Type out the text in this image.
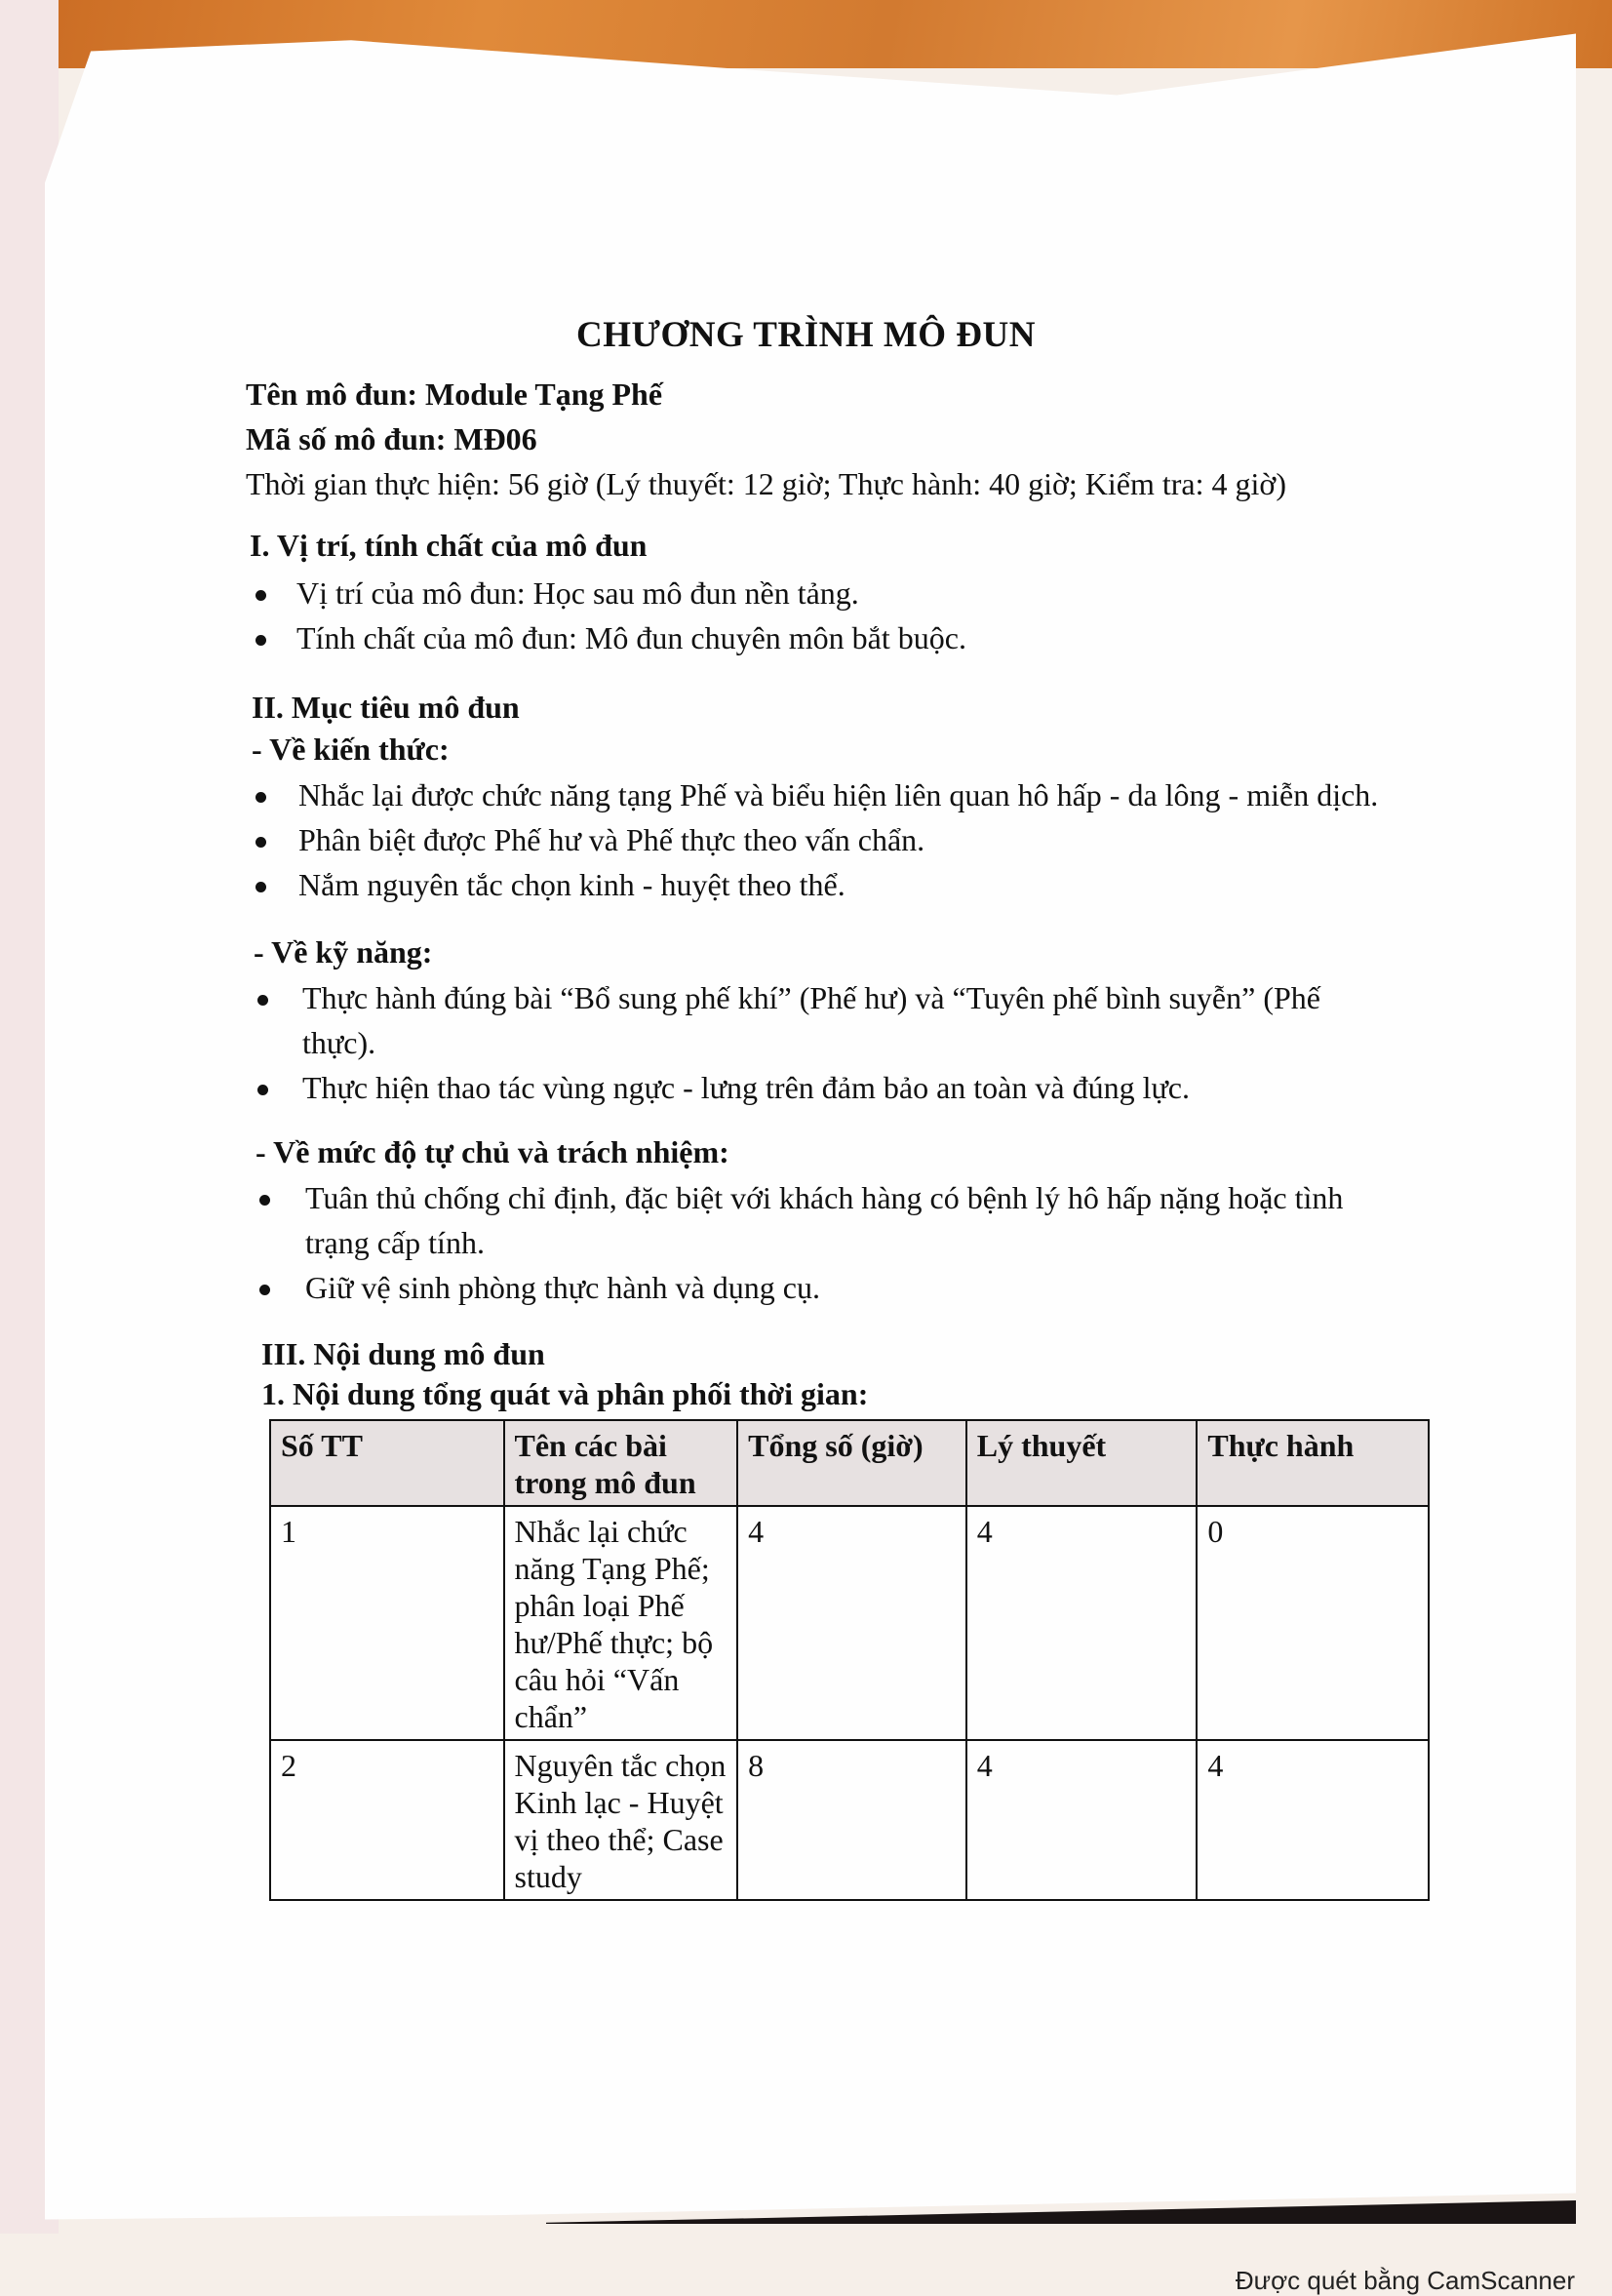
CHƯƠNG TRÌNH MÔ ĐUN
Tên mô đun: Module Tạng Phế
Mã số mô đun: MĐ06
Thời gian thực hiện: 56 giờ (Lý thuyết: 12 giờ; Thực hành: 40 giờ; Kiểm tra: 4 giờ)
I. Vị trí, tính chất của mô đun
Vị trí của mô đun: Học sau mô đun nền tảng.
Tính chất của mô đun: Mô đun chuyên môn bắt buộc.
II. Mục tiêu mô đun
- Về kiến thức:
Nhắc lại được chức năng tạng Phế và biểu hiện liên quan hô hấp - da lông - miễn dịch.
Phân biệt được Phế hư và Phế thực theo vấn chẩn.
Nắm nguyên tắc chọn kinh - huyệt theo thể.
- Về kỹ năng:
Thực hành đúng bài “Bổ sung phế khí” (Phế hư) và “Tuyên phế bình suyễn” (Phế
thực).
Thực hiện thao tác vùng ngực - lưng trên đảm bảo an toàn và đúng lực.
- Về mức độ tự chủ và trách nhiệm:
Tuân thủ chống chỉ định, đặc biệt với khách hàng có bệnh lý hô hấp nặng hoặc tình
trạng cấp tính.
Giữ vệ sinh phòng thực hành và dụng cụ.
III. Nội dung mô đun
1. Nội dung tổng quát và phân phối thời gian:
Số TT	Tên các bài trong mô đun	Tổng số (giờ)	Lý thuyết	Thực hành
1	Nhắc lại chức năng Tạng Phế; phân loại Phế hư/Phế thực; bộ câu hỏi “Vấn chẩn”	4	4	0
2	Nguyên tắc chọn Kinh lạc - Huyệt vị theo thể; Case study	8	4	4
Được quét bằng CamScanner
